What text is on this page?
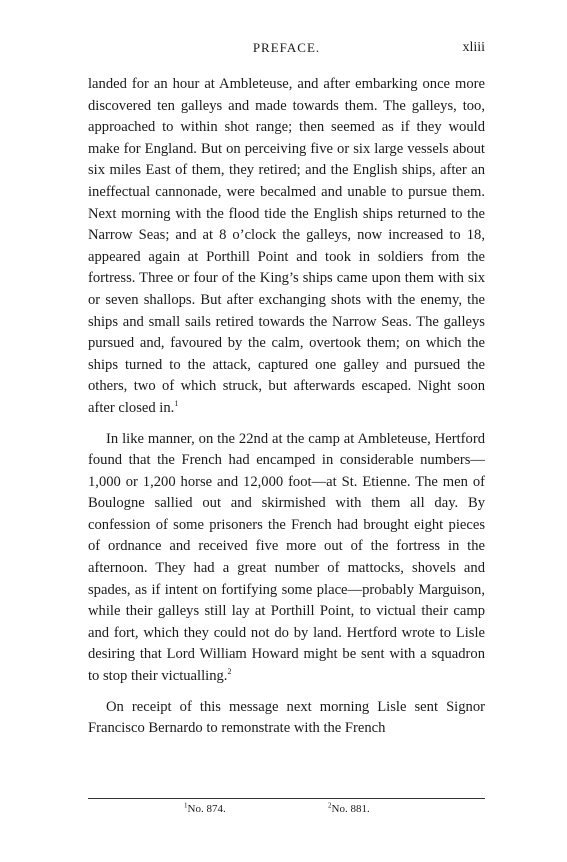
PREFACE.	xliii

landed for an hour at Ambleteuse, and after embarking once more discovered ten galleys and made towards them. The galleys, too, approached to within shot range; then seemed as if they would make for England. But on perceiving five or six large vessels about six miles East of them, they retired; and the English ships, after an ineffectual cannonade, were becalmed and unable to pursue them. Next morning with the flood tide the English ships returned to the Narrow Seas; and at 8 o’clock the galleys, now increased to 18, appeared again at Porthill Point and took in soldiers from the fortress. Three or four of the King’s ships came upon them with six or seven shallops. But after exchanging shots with the enemy, the ships and small sails retired towards the Narrow Seas. The galleys pursued and, favoured by the calm, overtook them; on which the ships turned to the attack, captured one galley and pursued the others, two of which struck, but afterwards escaped. Night soon after closed in.$^1$

In like manner, on the 22nd at the camp at Ambleteuse, Hertford found that the French had encamped in considerable numbers—1,000 or 1,200 horse and 12,000 foot—at St. Etienne. The men of Boulogne sallied out and skirmished with them all day. By confession of some prisoners the French had brought eight pieces of ordnance and received five more out of the fortress in the afternoon. They had a great number of mattocks, shovels and spades, as if intent on fortifying some place—probably Marguison, while their galleys still lay at Porthill Point, to victual their camp and fort, which they could not do by land. Hertford wrote to Lisle desiring that Lord William Howard might be sent with a squadron to stop their victualling.$^2$

On receipt of this message next morning Lisle sent Signor Francisco Bernardo to remonstrate with the French

$^1$No. 874.	$^2$No. 881.
